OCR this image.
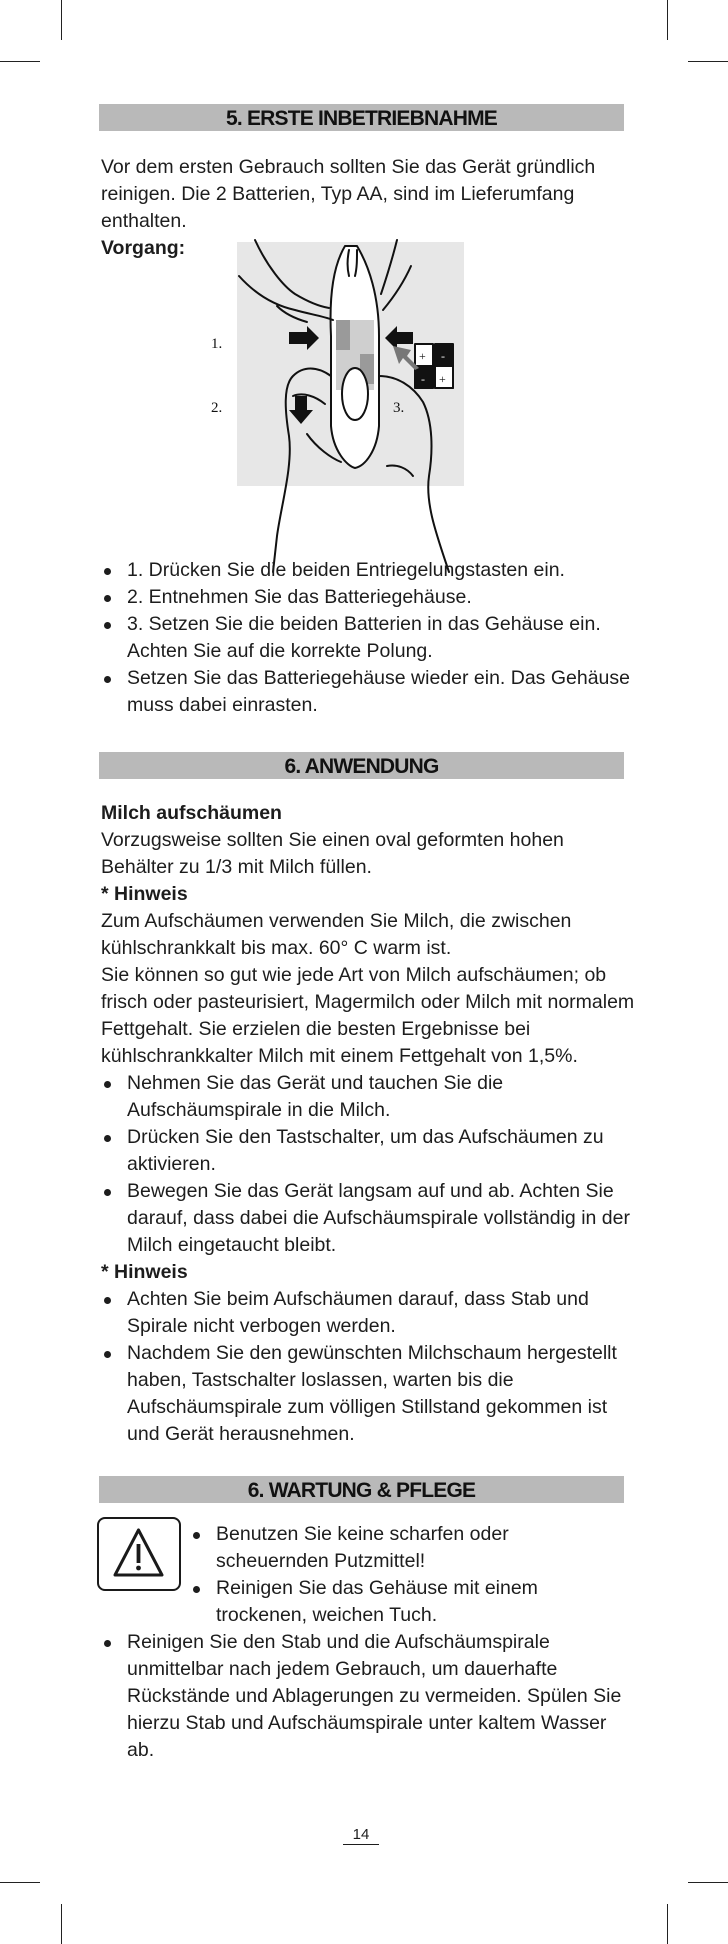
5. ERSTE INBETRIEBNAHME

Vor dem ersten Gebrauch sollten Sie das Gerät gründlich reinigen. Die 2 Batterien, Typ AA, sind im Lieferumfang enthalten.

Vorgang:

1.
2.	3.
+ -
- +
1. Drücken Sie die beiden Entriegelungstasten ein.
2. Entnehmen Sie das Batteriegehäuse.
3. Setzen Sie die beiden Batterien in das Gehäuse ein. Achten Sie auf die korrekte Polung.
Setzen Sie das Batteriegehäuse wieder ein. Das Gehäuse muss dabei einrasten.
6. ANWENDUNG

Milch aufschäumen

Vorzugsweise sollten Sie einen oval geformten hohen Behälter zu 1/3 mit Milch füllen.

* Hinweis

Zum Aufschäumen verwenden Sie Milch, die zwischen kühlschrankkalt bis max. 60° C warm ist.

Sie können so gut wie jede Art von Milch aufschäumen; ob frisch oder pasteurisiert, Magermilch oder Milch mit normalem Fettgehalt. Sie erzielen die besten Ergebnisse bei kühlschrankkalter Milch mit einem Fettgehalt von 1,5%.

Nehmen Sie das Gerät und tauchen Sie die Aufschäumspirale in die Milch.
Drücken Sie den Tastschalter, um das Aufschäumen zu aktivieren.
Bewegen Sie das Gerät langsam auf und ab. Achten Sie darauf, dass dabei die Aufschäumspirale vollständig in der Milch eingetaucht bleibt.

* Hinweis

Achten Sie beim Aufschäumen darauf, dass Stab und Spirale nicht verbogen werden.
Nachdem Sie den gewünschten Milchschaum hergestellt haben, Tastschalter loslassen, warten bis die Aufschäumspirale zum völligen Stillstand gekommen ist und Gerät herausnehmen.
6. WARTUNG & PFLEGE
Benutzen Sie keine scharfen oder scheuernden Putzmittel!
Reinigen Sie das Gehäuse mit einem trockenen, weichen Tuch.
Reinigen Sie den Stab und die Aufschäumspirale unmittelbar nach jedem Gebrauch, um dauerhafte Rückstände und Ablagerungen zu vermeiden. Spülen Sie hierzu Stab und Aufschäumspirale unter kaltem Wasser ab.
14
